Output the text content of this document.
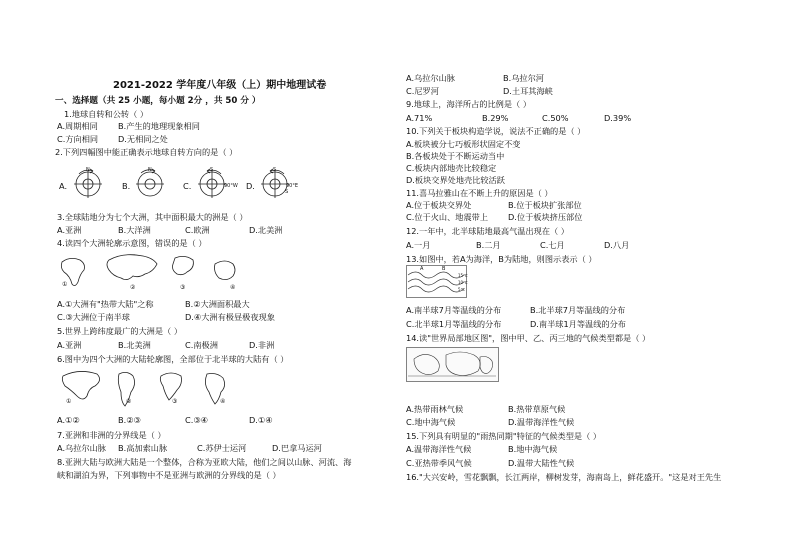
2021-2022 学年度八年级（上）期中地理试卷
一、选择题（共 25 小题，每小题 2分 ，共 50 分 ）
1.地球自转和公转（ ）
A.周期相同 B.产生的地理现象相同
C.方向相同 D.无相同之处
2.下列四幅图中能正确表示地球自转方向的是（ ）
A.	B.	C.	D.
N	N	S	S
S
90°W	90°E
3.全球陆地分为七个大洲，其中面积最大的洲是（ ）
A.亚洲	B.大洋洲	C.欧洲	D.北美洲
4.读四个大洲轮廓示意图，错误的是（ ）
①	②	③	④
A.①大洲有"热带大陆"之称	B.②大洲面积最大
C.③大洲位于南半球	D.④大洲有极昼极夜现象
5.世界上跨纬度最广的大洲是（ ）
A.亚洲	B.北美洲	C.南极洲	D.非洲
6.图中为四个大洲的大陆轮廓图，全部位于北半球的大陆有（ ）
①	②	③	④
A.①②	B.②③	C.③④	D.①④
7.亚洲和非洲的分界线是（ ）
A.乌拉尔山脉 B.高加索山脉	C.苏伊士运河	D.巴拿马运河
8.亚洲大陆与欧洲大陆是一个整体，合称为亚欧大陆，他们之间以山脉、河流、海
峡和湖泊为界，下列事物中不是亚洲与欧洲的分界线的是（ ）
A.乌拉尔山脉	B.乌拉尔河
C.尼罗河	D.土耳其海峡
9.地球上，海洋所占的比例是（ ）
A.71%	B.29%	C.50%	D.39%
10.下列关于板块构造学说，说法不正确的是（ ）
A.板块被分七巧板形状固定不变
B.各板块处于不断运动当中
C.板块内部地壳比较稳定
D.板块交界处地壳比较活跃
11.喜马拉雅山在不断上升的原因是（ ）
A.位于板块交界处	B.位于板块扩张部位
C.位于火山、地震带上 D.位于板块挤压部位
12.一年中，北半球陆地最高气温出现在（ ）
A.一月	B.二月	C.七月	D.八月
13.如图中，若A为海洋，B为陆地，则图示表示（ ）
A	B
15℃
10℃
5℃
A.南半球7月等温线的分布	B.北半球7月等温线的分布
C.北半球1月等温线的分布	D.南半球1月等温线的分布
14.读"世界局部地区图"，图中甲、乙、丙三地的气候类型都是（ ）
A.热带雨林气候	B.热带草原气候
C.地中海气候	D.温带海洋性气候
15.下列具有明显的"雨热同期"特征的气候类型是（ ）
A.温带海洋性气候	B.地中海气候
C.亚热带季风气候	D.温带大陆性气候
16."大兴安岭，雪花飘飘，长江两岸，柳树发芽，海南岛上，鲜花盛开。"这是对王先生
